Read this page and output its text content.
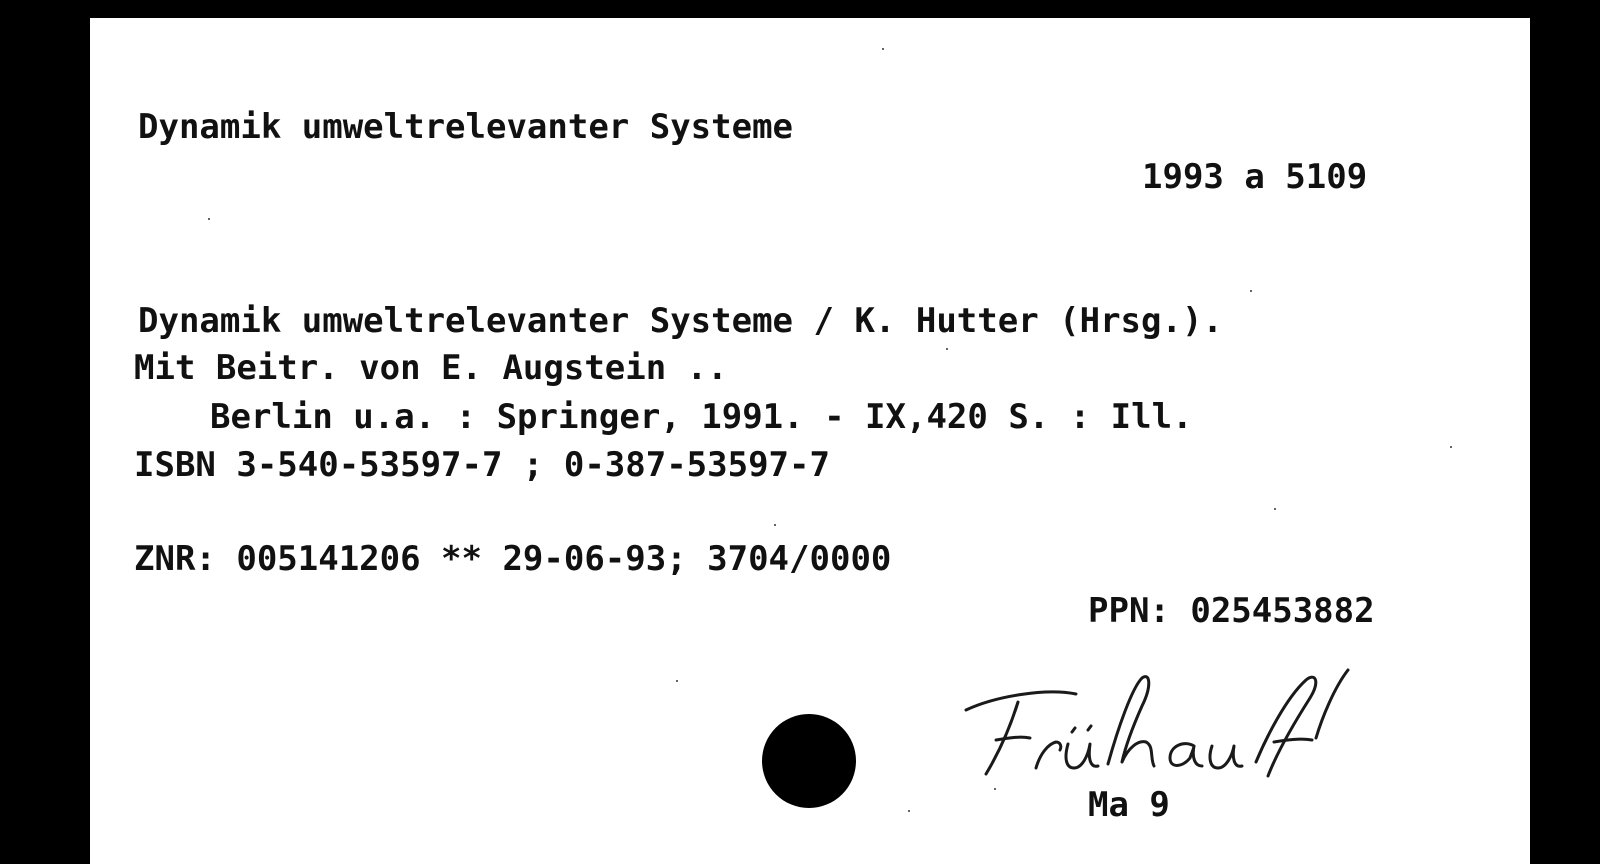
Dynamik umweltrelevanter Systeme

1993 a 5109

Dynamik umweltrelevanter Systeme / K. Hutter (Hrsg.).

Mit Beitr. von E. Augstein ..

Berlin u.a. : Springer, 1991. - IX,420 S. : Ill.

ISBN 3-540-53597-7 ; 0-387-53597-7

ZNR: 005141206 ** 29-06-93; 3704/0000

PPN: 025453882

Ma 9
